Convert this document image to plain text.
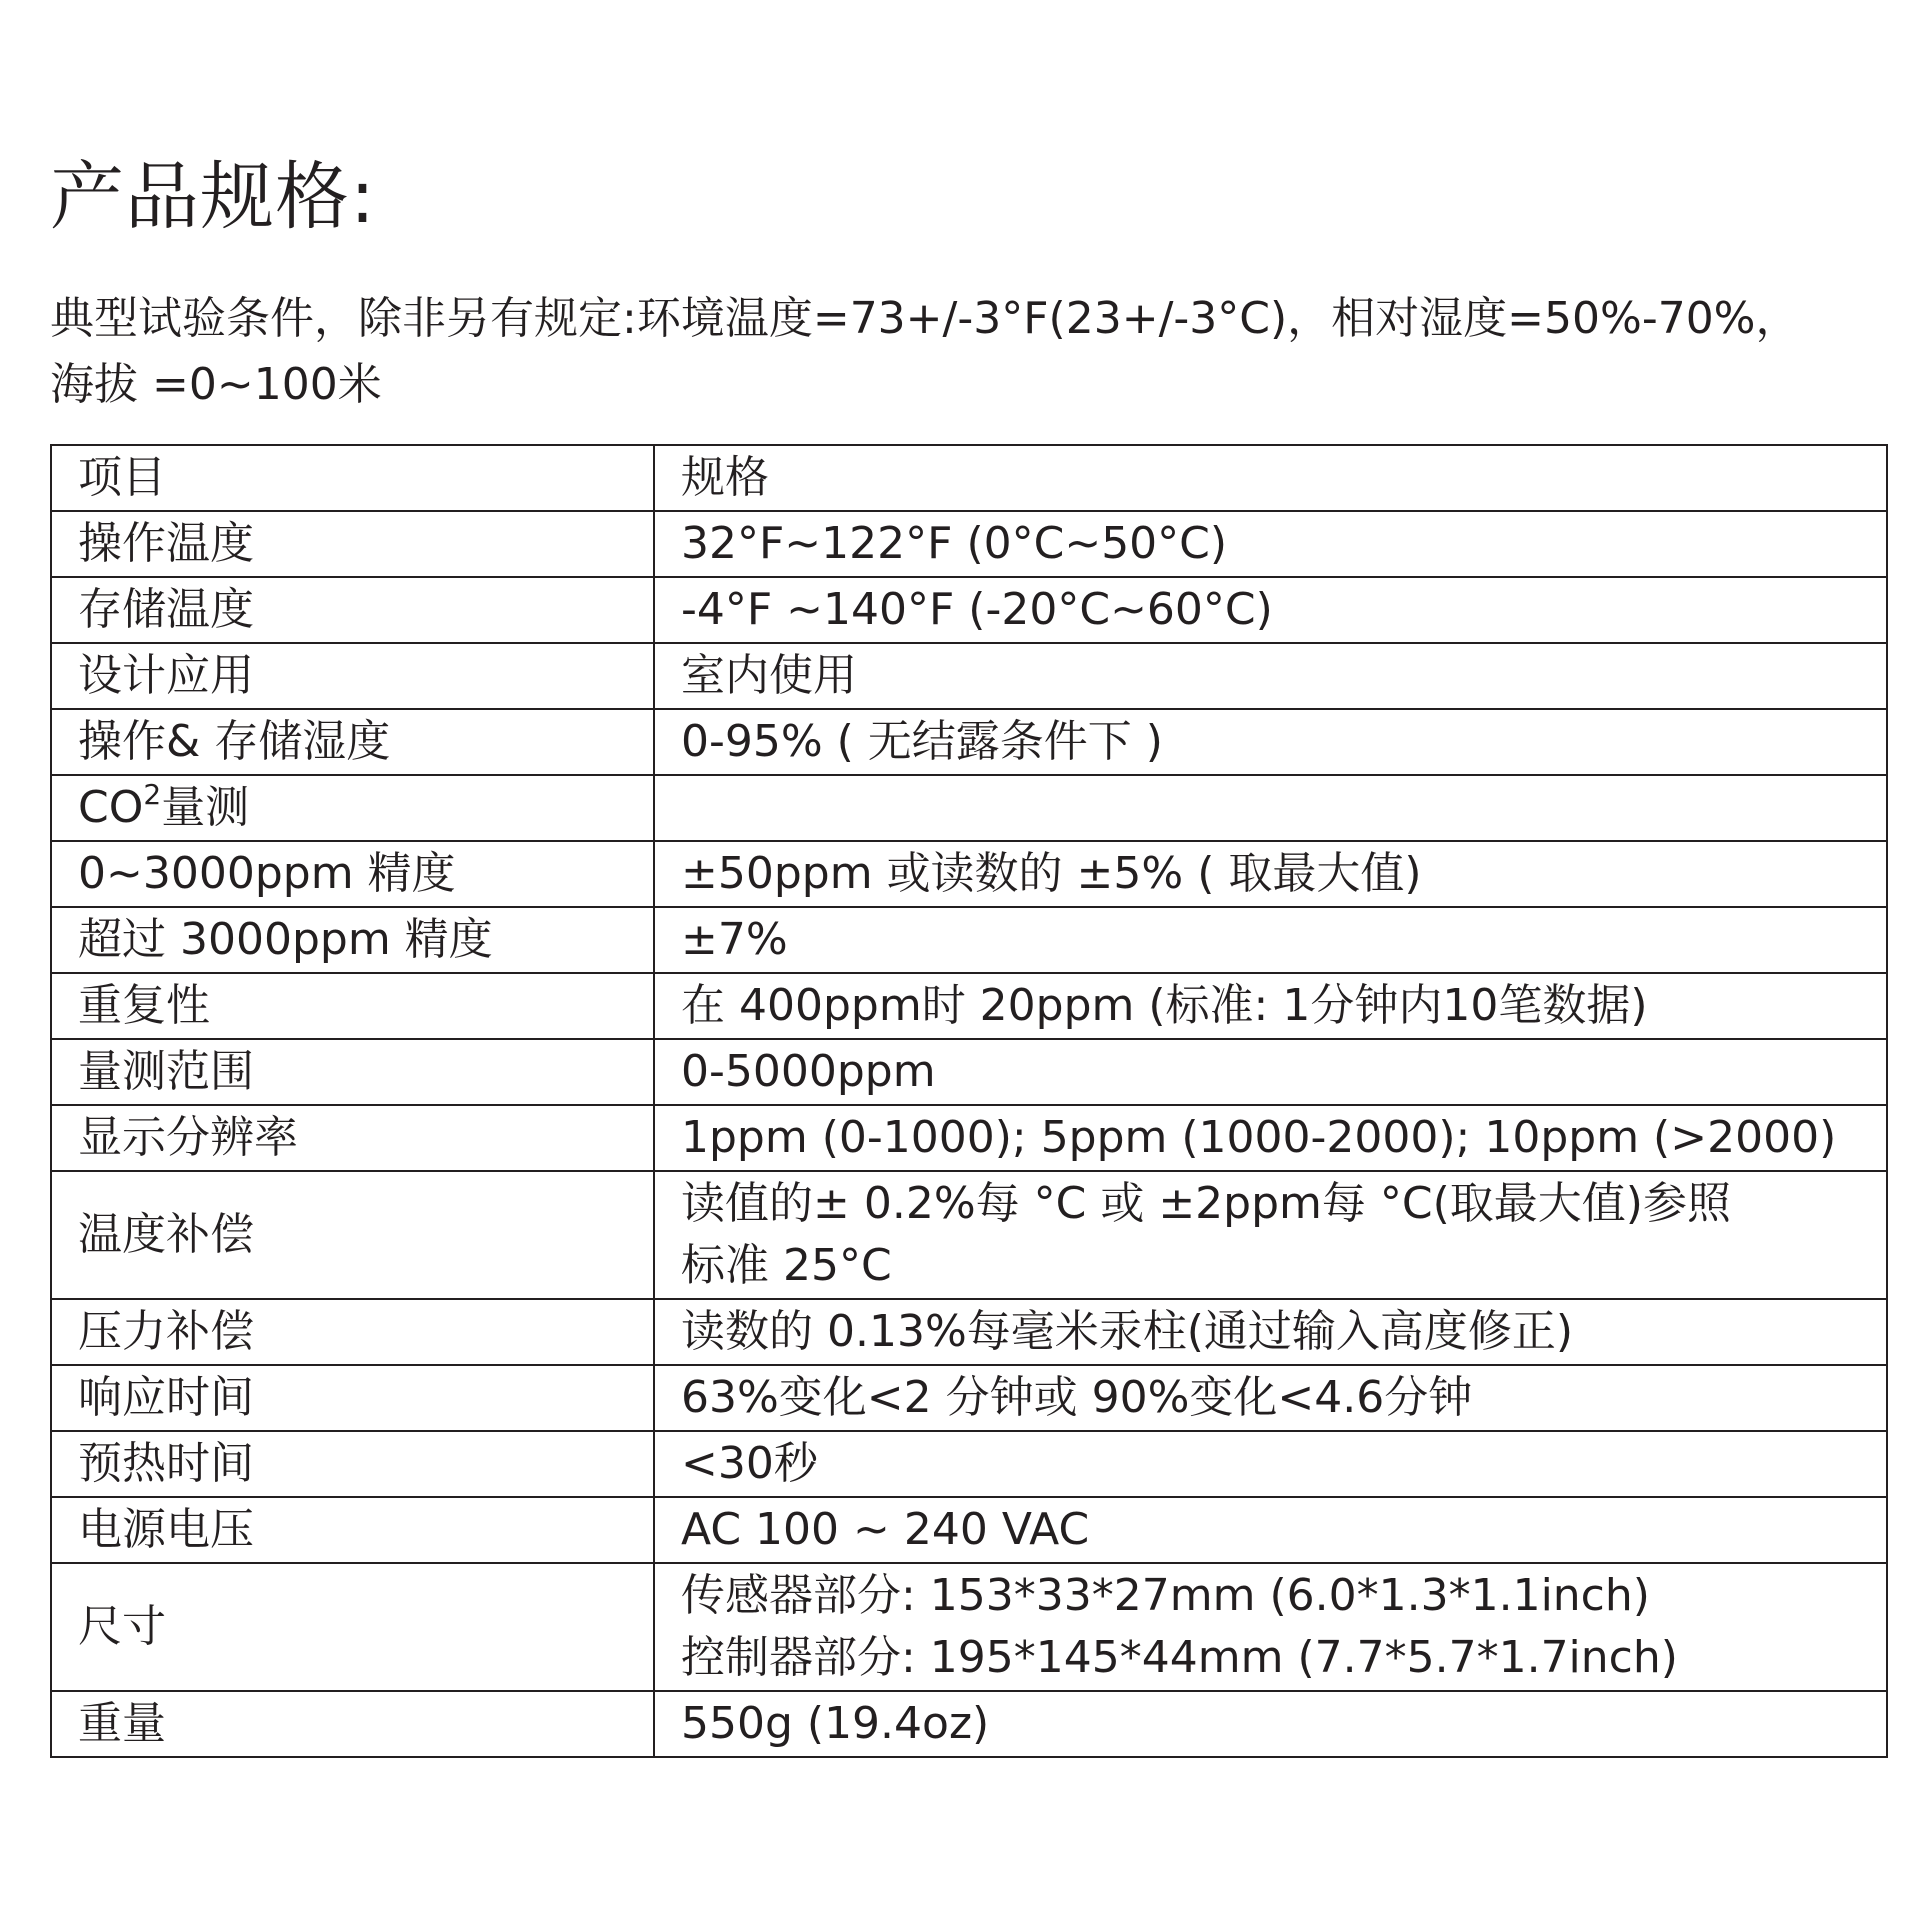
产品规格:

典型试验条件，除非另有规定:环境温度=73+/-3°F(23+/-3°C)，相对湿度=50%-70%，
海拔 =0~100米

项目	规格
操作温度	32°F~122°F (0°C~50°C)
存储温度	-4°F ~140°F (-20°C~60°C)
设计应用	室内使用
操作& 存储湿度	0-95% ( 无结露条件下 )
$CO^2$量测	
0~3000ppm 精度	±50ppm 或读数的 ±5% ( 取最大值)
超过 3000ppm 精度	±7%
重复性	在 400ppm时 20ppm (标准: 1分钟内10笔数据)
量测范围	0-5000ppm
显示分辨率	1ppm (0-1000); 5ppm (1000-2000); 10ppm (>2000)
温度补偿	读值的± 0.2%每 °C 或 ±2ppm每 °C(取最大值)参照
标准 25°C

压力补偿	读数的 0.13%每毫米汞柱(通过输入高度修正)
响应时间	63%变化<2 分钟或 90%变化<4.6分钟
预热时间	<30秒
电源电压	AC 100 ~ 240 VAC
尺寸	传感器部分: 153*33*27mm (6.0*1.3*1.1inch)
控制器部分: 195*145*44mm (7.7*5.7*1.7inch)

重量	550g (19.4oz)
